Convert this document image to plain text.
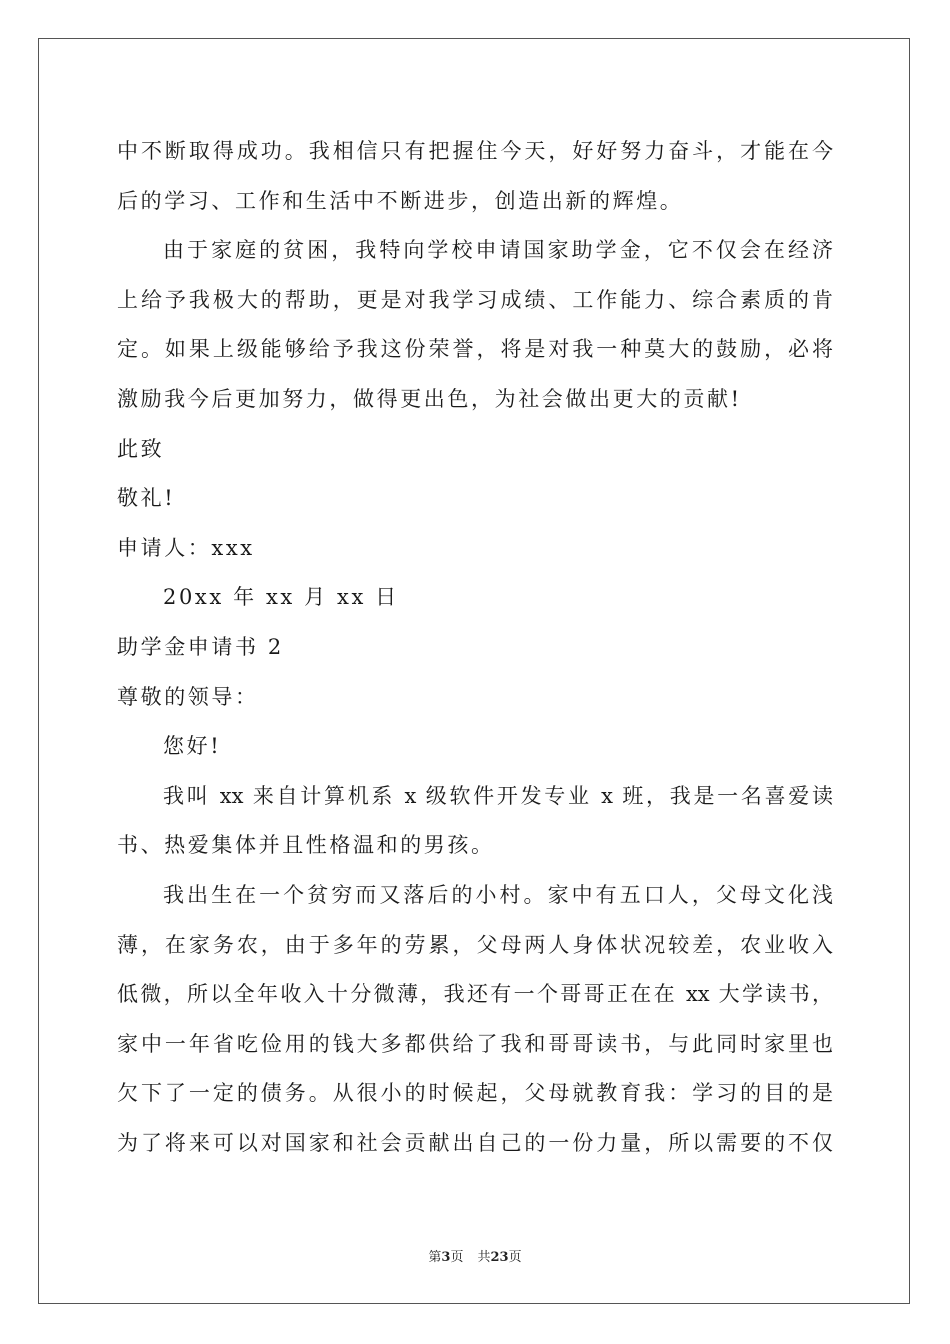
中不断取得成功。我相信只有把握住今天，好好努力奋斗，才能在今
后的学习、工作和生活中不断进步，创造出新的辉煌。
由于家庭的贫困，我特向学校申请国家助学金，它不仅会在经济
上给予我极大的帮助，更是对我学习成绩、工作能力、综合素质的肯
定。如果上级能够给予我这份荣誉，将是对我一种莫大的鼓励，必将
激励我今后更加努力，做得更出色，为社会做出更大的贡献!
此致
敬礼!
申请人：xxx
20xx 年 xx 月 xx 日
助学金申请书 2
尊敬的领导：
您好!
我叫 xx 来自计算机系 x 级软件开发专业 x 班，我是一名喜爱读
书、热爱集体并且性格温和的男孩。
我出生在一个贫穷而又落后的小村。家中有五口人，父母文化浅
薄，在家务农，由于多年的劳累，父母两人身体状况较差，农业收入
低微，所以全年收入十分微薄，我还有一个哥哥正在在 xx 大学读书，
家中一年省吃俭用的钱大多都供给了我和哥哥读书，与此同时家里也
欠下了一定的债务。从很小的时候起，父母就教育我：学习的目的是
为了将来可以对国家和社会贡献出自己的一份力量，所以需要的不仅
第3页 共23页
